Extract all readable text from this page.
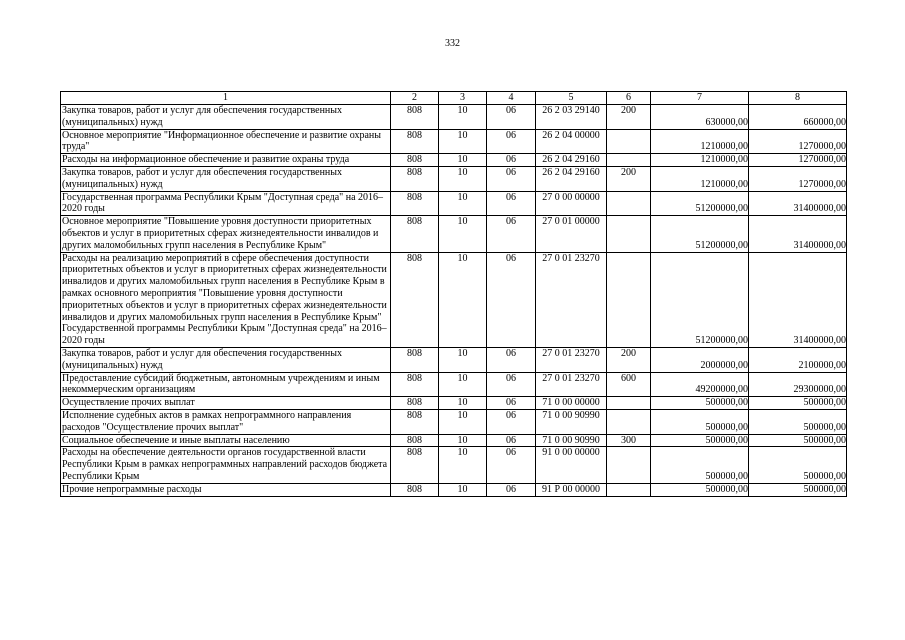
332
1	2	3	4	5	6	7	8
Закупка товаров, работ и услуг для обеспечения государственных (муниципальных) нужд	808	10	06	26 2 03 29140	200	630000,00	660000,00
Основное мероприятие "Информационное обеспечение и развитие охраны труда"	808	10	06	26 2 04 00000		1210000,00	1270000,00
Расходы на информационное обеспечение и развитие охраны труда	808	10	06	26 2 04 29160		1210000,00	1270000,00
Закупка товаров, работ и услуг для обеспечения государственных (муниципальных) нужд	808	10	06	26 2 04 29160	200	1210000,00	1270000,00
Государственная программа Республики Крым "Доступная среда" на 2016–2020 годы	808	10	06	27 0 00 00000		51200000,00	31400000,00
Основное мероприятие "Повышение уровня доступности приоритетных объектов и услуг в приоритетных сферах жизнедеятельности инвалидов и других маломобильных групп населения в Республике Крым"	808	10	06	27 0 01 00000		51200000,00	31400000,00
Расходы на реализацию мероприятий в сфере обеспечения доступности приоритетных объектов и услуг в приоритетных сферах жизнедеятельности инвалидов и других маломобильных групп населения в Республике Крым в рамках основного мероприятия "Повышение уровня доступности приоритетных объектов и услуг в приоритетных сферах жизнедеятельности инвалидов и других маломобильных групп населения в Республике Крым" Государственной программы Республики Крым "Доступная среда" на 2016–2020 годы	808	10	06	27 0 01 23270		51200000,00	31400000,00
Закупка товаров, работ и услуг для обеспечения государственных (муниципальных) нужд	808	10	06	27 0 01 23270	200	2000000,00	2100000,00
Предоставление субсидий бюджетным, автономным учреждениям и иным некоммерческим организациям	808	10	06	27 0 01 23270	600	49200000,00	29300000,00
Осуществление прочих выплат	808	10	06	71 0 00 00000		500000,00	500000,00
Исполнение судебных актов в рамках непрограммного направления расходов "Осуществление прочих выплат"	808	10	06	71 0 00 90990		500000,00	500000,00
Социальное обеспечение и иные выплаты населению	808	10	06	71 0 00 90990	300	500000,00	500000,00
Расходы на обеспечение деятельности органов государственной власти Республики Крым в рамках непрограммных направлений расходов бюджета Республики Крым	808	10	06	91 0 00 00000		500000,00	500000,00
Прочие непрограммные расходы	808	10	06	91 Р 00 00000		500000,00	500000,00
